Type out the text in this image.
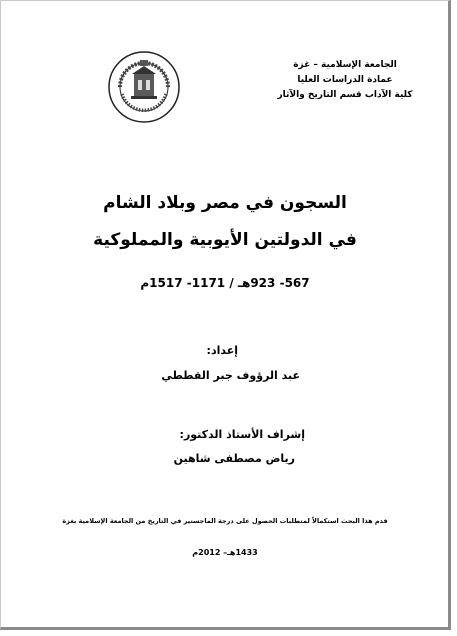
الجامعة الإسلامية – غزة
عمادة الدراسات العليا
كلية الآداب قسم التاريخ والآثار
السجون في مصر وبلاد الشام
في الدولتين الأيوبية والمملوكية
567- 923هـ / 1171- 1517م
إعداد:
عبد الرؤوف جبر القططي
إشراف الأستاذ الدكتور:
رياض مصطفى شاهين
قدم هذا البحث استكمالاً لمتطلبات الحصول على درجة الماجستير في التاريخ من الجامعة الإسلامية بغزة
1433هـ– 2012م
